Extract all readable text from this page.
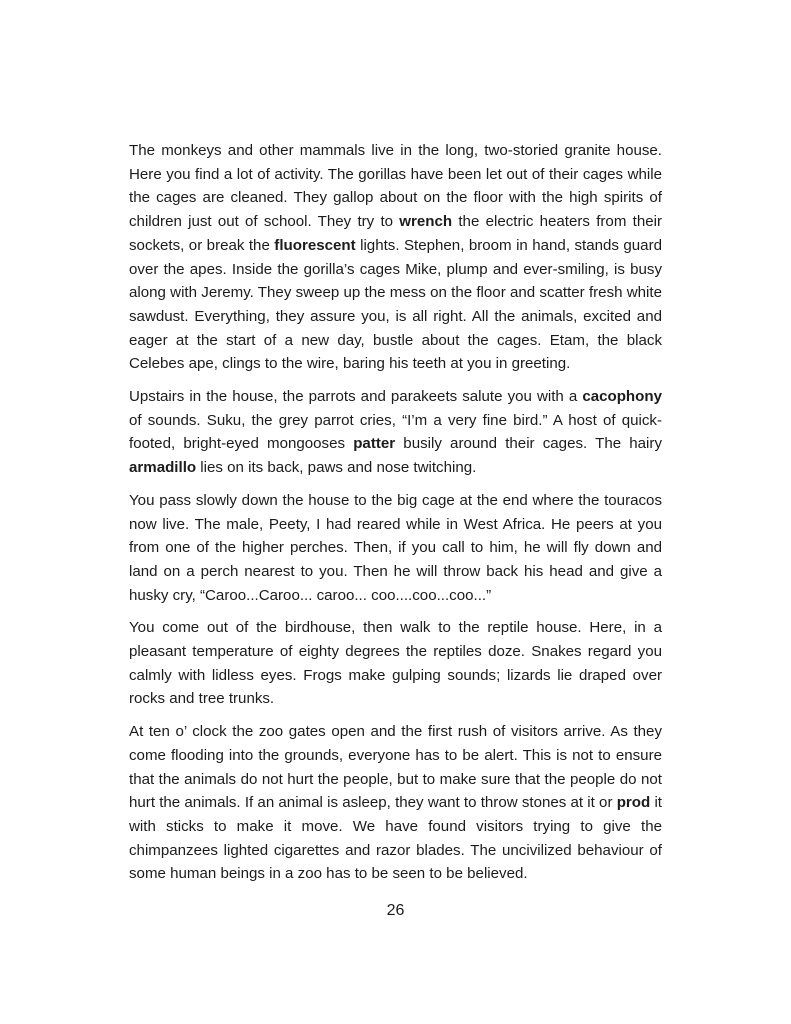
The monkeys and other mammals live in the long, two-storied granite house. Here you find a lot of activity. The gorillas have been let out of their cages while the cages are cleaned. They gallop about on the floor with the high spirits of children just out of school. They try to wrench the electric heaters from their sockets, or break the fluorescent lights. Stephen, broom in hand, stands guard over the apes. Inside the gorilla’s cages Mike, plump and ever-smiling, is busy along with Jeremy. They sweep up the mess on the floor and scatter fresh white sawdust. Everything, they assure you, is all right. All the animals, excited and eager at the start of a new day, bustle about the cages. Etam, the black Celebes ape, clings to the wire, baring his teeth at you in greeting.

Upstairs in the house, the parrots and parakeets salute you with a cacophony of sounds. Suku, the grey parrot cries, “I’m a very fine bird.” A host of quick-footed, bright-eyed mongooses patter busily around their cages. The hairy armadillo lies on its back, paws and nose twitching.

You pass slowly down the house to the big cage at the end where the touracos now live. The male, Peety, I had reared while in West Africa. He peers at you from one of the higher perches. Then, if you call to him, he will fly down and land on a perch nearest to you. Then he will throw back his head and give a husky cry, “Caroo...Caroo... caroo... coo....coo...coo...”

You come out of the birdhouse, then walk to the reptile house. Here, in a pleasant temperature of eighty degrees the reptiles doze. Snakes regard you calmly with lidless eyes. Frogs make gulping sounds; lizards lie draped over rocks and tree trunks.

At ten o’ clock the zoo gates open and the first rush of visitors arrive. As they come flooding into the grounds, everyone has to be alert. This is not to ensure that the animals do not hurt the people, but to make sure that the people do not hurt the animals. If an animal is asleep, they want to throw stones at it or prod it with sticks to make it move. We have found visitors trying to give the chimpanzees lighted cigarettes and razor blades. The uncivilized behaviour of some human beings in a zoo has to be seen to be believed.

26
